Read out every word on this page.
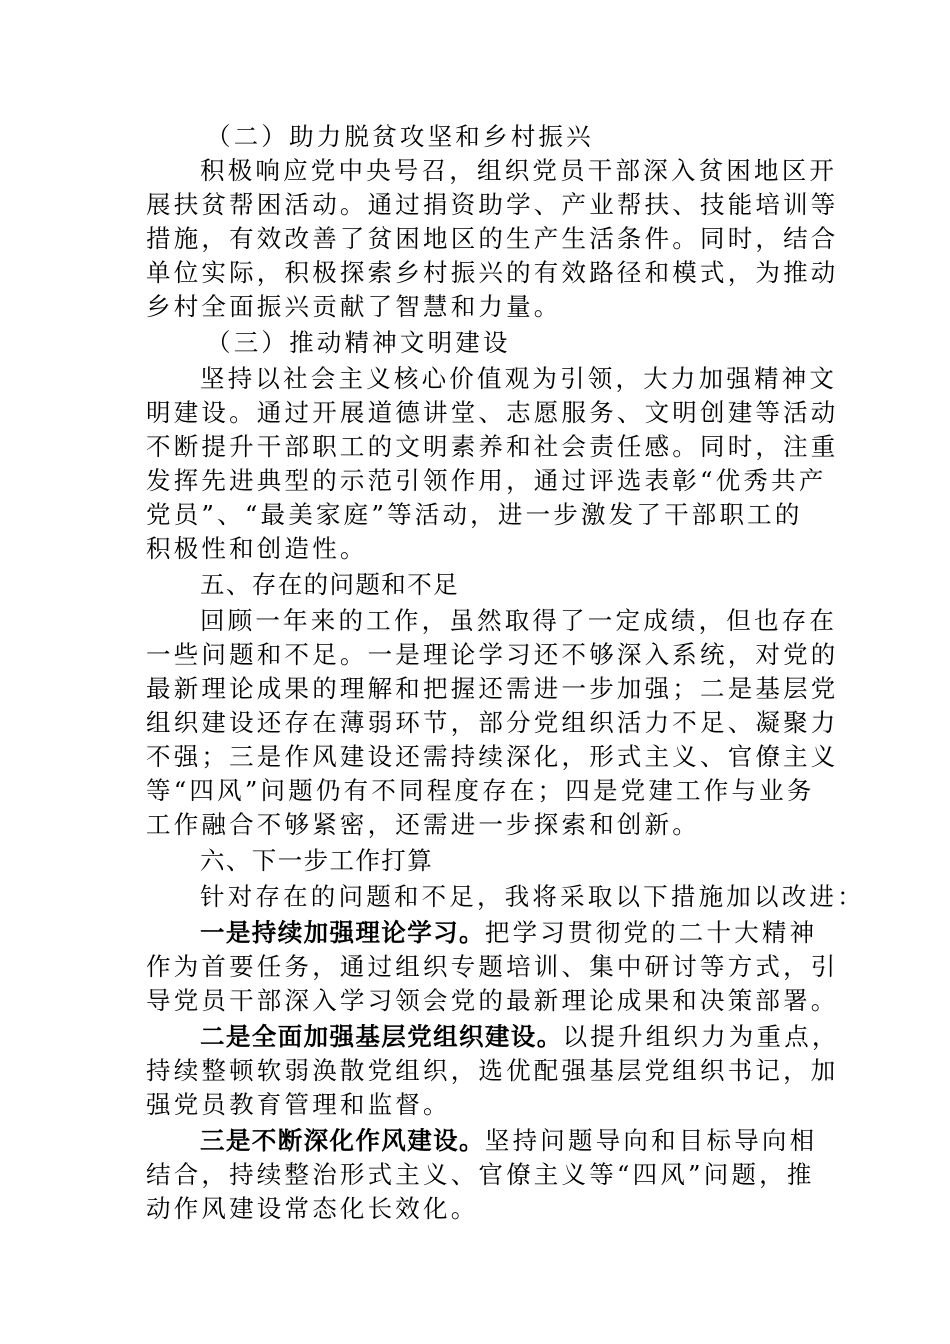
（二）助力脱贫攻坚和乡村振兴
积极响应党中央号召，组织党员干部深入贫困地区开
展扶贫帮困活动。通过捐资助学、产业帮扶、技能培训等
措施，有效改善了贫困地区的生产生活条件。同时，结合
单位实际，积极探索乡村振兴的有效路径和模式，为推动
乡村全面振兴贡献了智慧和力量。
（三）推动精神文明建设
坚持以社会主义核心价值观为引领，大力加强精神文
明建设。通过开展道德讲堂、志愿服务、文明创建等活动
不断提升干部职工的文明素养和社会责任感。同时，注重
发挥先进典型的示范引领作用，通过评选表彰“优秀共产
党员”、“最美家庭”等活动，进一步激发了干部职工的
积极性和创造性。
五、存在的问题和不足
回顾一年来的工作，虽然取得了一定成绩，但也存在
一些问题和不足。一是理论学习还不够深入系统，对党的
最新理论成果的理解和把握还需进一步加强；二是基层党
组织建设还存在薄弱环节，部分党组织活力不足、凝聚力
不强；三是作风建设还需持续深化，形式主义、官僚主义
等“四风”问题仍有不同程度存在；四是党建工作与业务
工作融合不够紧密，还需进一步探索和创新。
六、下一步工作打算
针对存在的问题和不足，我将采取以下措施加以改进：
一是持续加强理论学习。把学习贯彻党的二十大精神
作为首要任务，通过组织专题培训、集中研讨等方式，引
导党员干部深入学习领会党的最新理论成果和决策部署。
二是全面加强基层党组织建设。以提升组织力为重点，
持续整顿软弱涣散党组织，选优配强基层党组织书记，加
强党员教育管理和监督。
三是不断深化作风建设。坚持问题导向和目标导向相
结合，持续整治形式主义、官僚主义等“四风”问题，推
动作风建设常态化长效化。
